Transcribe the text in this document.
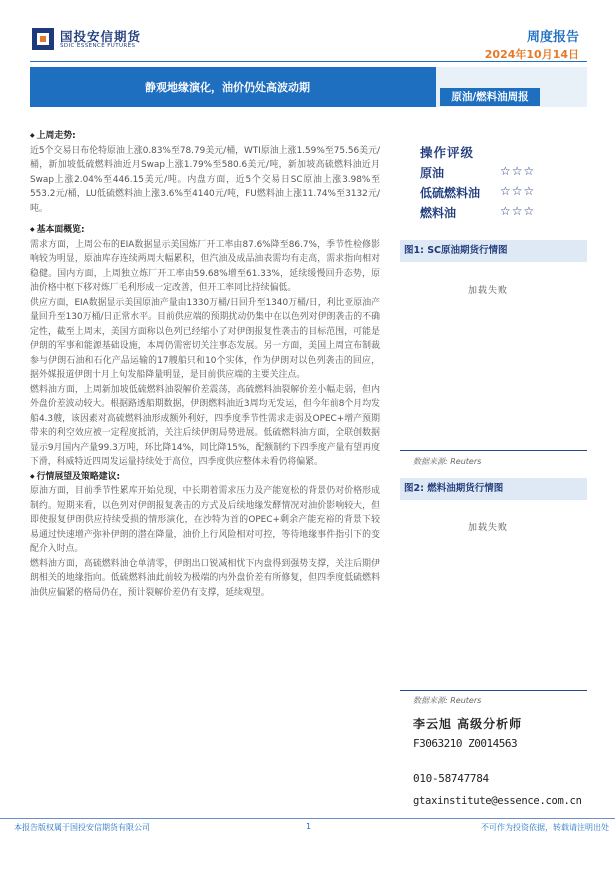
国投安信期货
SDIC ESSENCE FUTURES
周度报告
2024年10月14日
静观地缘演化，油价仍处高波动期
原油/燃料油周报
◆ 上周走势:
近5个交易日布伦特原油上涨0.83%至78.79美元/桶，WTI原油上涨1.59%至75.56美元/桶，新加坡低硫燃料油近月Swap上涨1.79%至580.6美元/吨，新加坡高硫燃料油近月Swap上涨2.04%至446.15美元/吨。内盘方面，近5个交易日SC原油上涨3.98%至553.2元/桶，LU低硫燃料油上涨3.6%至4140元/吨，FU燃料油上涨11.74%至3132元/吨。
◆ 基本面概览:
需求方面，上周公布的EIA数据显示美国炼厂开工率由87.6%降至86.7%，季节性检修影响较为明显，原油库存连续两周大幅累积，但汽油及成品油表需均有走高，需求指向相对稳健。国内方面，上周独立炼厂开工率由59.68%增至61.33%，延续缓慢回升态势，原油价格中枢下移对炼厂毛利形成一定改善，但开工率同比持续偏低。
供应方面，EIA数据显示美国原油产量由1330万桶/日回升至1340万桶/日，利比亚原油产量回升至130万桶/日正常水平。目前供应端的预期扰动仍集中在以色列对伊朗袭击的不确定性，截至上周末，美国方面称以色列已经缩小了对伊朗报复性袭击的目标范围，可能是伊朗的军事和能源基础设施，本周仍需密切关注事态发展。另一方面，美国上周宣布制裁参与伊朗石油和石化产品运输的17艘船只和10个实体，作为伊朗对以色列袭击的回应，据外媒报道伊朗十月上旬发船降量明显，是目前供应端的主要关注点。
燃料油方面，上周新加坡低硫燃料油裂解价差震荡，高硫燃料油裂解价差小幅走弱，但内外盘价差波动较大。根据路透船期数据，伊朗燃料油近3周均无发运，但今年前8个月均发船4.3艘，该因素对高硫燃料油形成额外利好，四季度季节性需求走弱及OPEC+增产预期带来的利空效应被一定程度抵消，关注后续伊朗局势进展。低硫燃料油方面，全联创数据显示9月国内产量99.3万吨，环比降14%，同比降15%，配额制约下四季度产量有望再度下滑，科威特近四周发运量持续处于高位，四季度供应整体未看仍将偏紧。
◆ 行情展望及策略建议:
原油方面，目前季节性累库开始兑现，中长期着需求压力及产能宽松的背景仍对价格形成制约。短期来看，以色列对伊朗报复袭击的方式及后续地缘发酵情况对油价影响较大，但即使报复伊朗供应持续受损的情形演化，在沙特为首的OPEC+剩余产能充裕的背景下较易通过快速增产弥补伊朗的潜在降量，油价上行风险相对可控，等待地缘事件指引下的变配介入时点。
燃料油方面，高硫燃料油仓单清零，伊朗出口锐减相忧下内盘得到强势支撑，关注后期伊朗相关的地缘指向。低硫燃料油此前较为极端的内外盘价差有所修复，但四季度低硫燃料油供应偏紧的格局仍在，预计裂解价差仍有支撑，延续观望。
操作评级
原油	☆☆☆
低硫燃料油 ☆☆☆
燃料油	☆☆☆
图1: SC原油期货行情图
加载失败
数据来源: Reuters
图2: 燃料油期货行情图
加载失败
数据来源: Reuters
李云旭 高级分析师
F3063210 Z0014563
010-58747784
gtaxinstitute@essence.com.cn
本报告版权属于国投安信期货有限公司	1	不可作为投资依据，转载请注明出处
